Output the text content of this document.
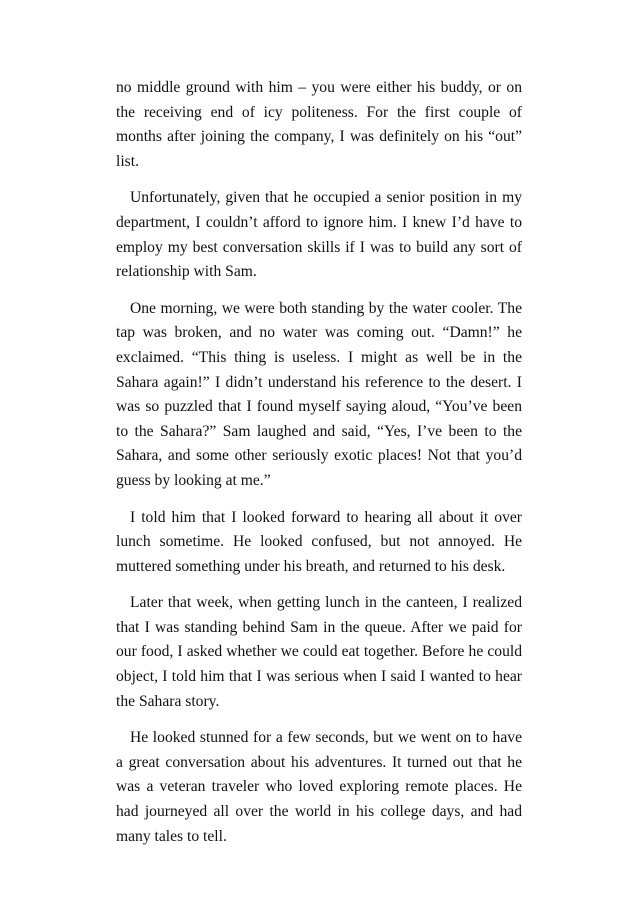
no middle ground with him – you were either his buddy, or on the receiving end of icy politeness. For the first couple of months after joining the company, I was definitely on his “out” list.

Unfortunately, given that he occupied a senior position in my department, I couldn’t afford to ignore him. I knew I’d have to employ my best conversation skills if I was to build any sort of relationship with Sam.

One morning, we were both standing by the water cooler. The tap was broken, and no water was coming out. “Damn!” he exclaimed. “This thing is useless. I might as well be in the Sahara again!” I didn’t understand his reference to the desert. I was so puzzled that I found myself saying aloud, “You’ve been to the Sahara?” Sam laughed and said, “Yes, I’ve been to the Sahara, and some other seriously exotic places! Not that you’d guess by looking at me.”

I told him that I looked forward to hearing all about it over lunch sometime. He looked confused, but not annoyed. He muttered something under his breath, and returned to his desk.

Later that week, when getting lunch in the canteen, I realized that I was standing behind Sam in the queue. After we paid for our food, I asked whether we could eat together. Before he could object, I told him that I was serious when I said I wanted to hear the Sahara story.

He looked stunned for a few seconds, but we went on to have a great conversation about his adventures. It turned out that he was a veteran traveler who loved exploring remote places. He had journeyed all over the world in his college days, and had many tales to tell.
